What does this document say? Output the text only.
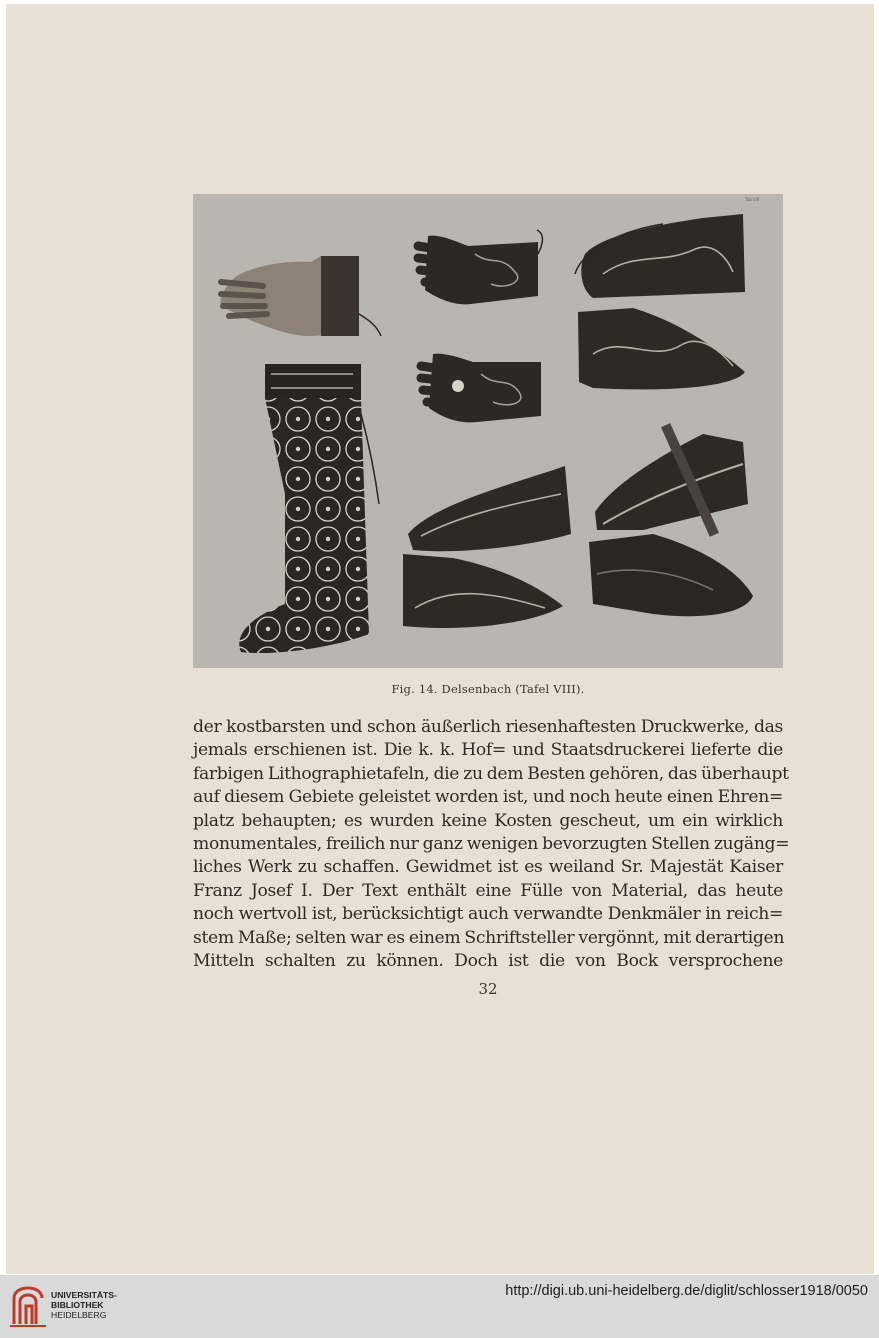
Tab.VIII
Fig. 14. Delsenbach (Tafel VIII).
der kostbarsten und schon äußerlich riesenhaftesten Druckwerke, das
jemals erschienen ist. Die k. k. Hof= und Staatsdruckerei lieferte die
farbigen Lithographietafeln, die zu dem Besten gehören, das überhaupt
auf diesem Gebiete geleistet worden ist, und noch heute einen Ehren=
platz behaupten; es wurden keine Kosten gescheut, um ein wirklich
monumentales, freilich nur ganz wenigen bevorzugten Stellen zugäng=
liches Werk zu schaffen. Gewidmet ist es weiland Sr. Majestät Kaiser
Franz Josef I. Der Text enthält eine Fülle von Material, das heute
noch wertvoll ist, berücksichtigt auch verwandte Denkmäler in reich=
stem Maße; selten war es einem Schriftsteller vergönnt, mit derartigen
Mitteln schalten zu können. Doch ist die von Bock versprochene
32
UNIVERSITÄTS-
BIBLIOTHEK
HEIDELBERG
http://digi.ub.uni-heidelberg.de/diglit/schlosser1918/0050
